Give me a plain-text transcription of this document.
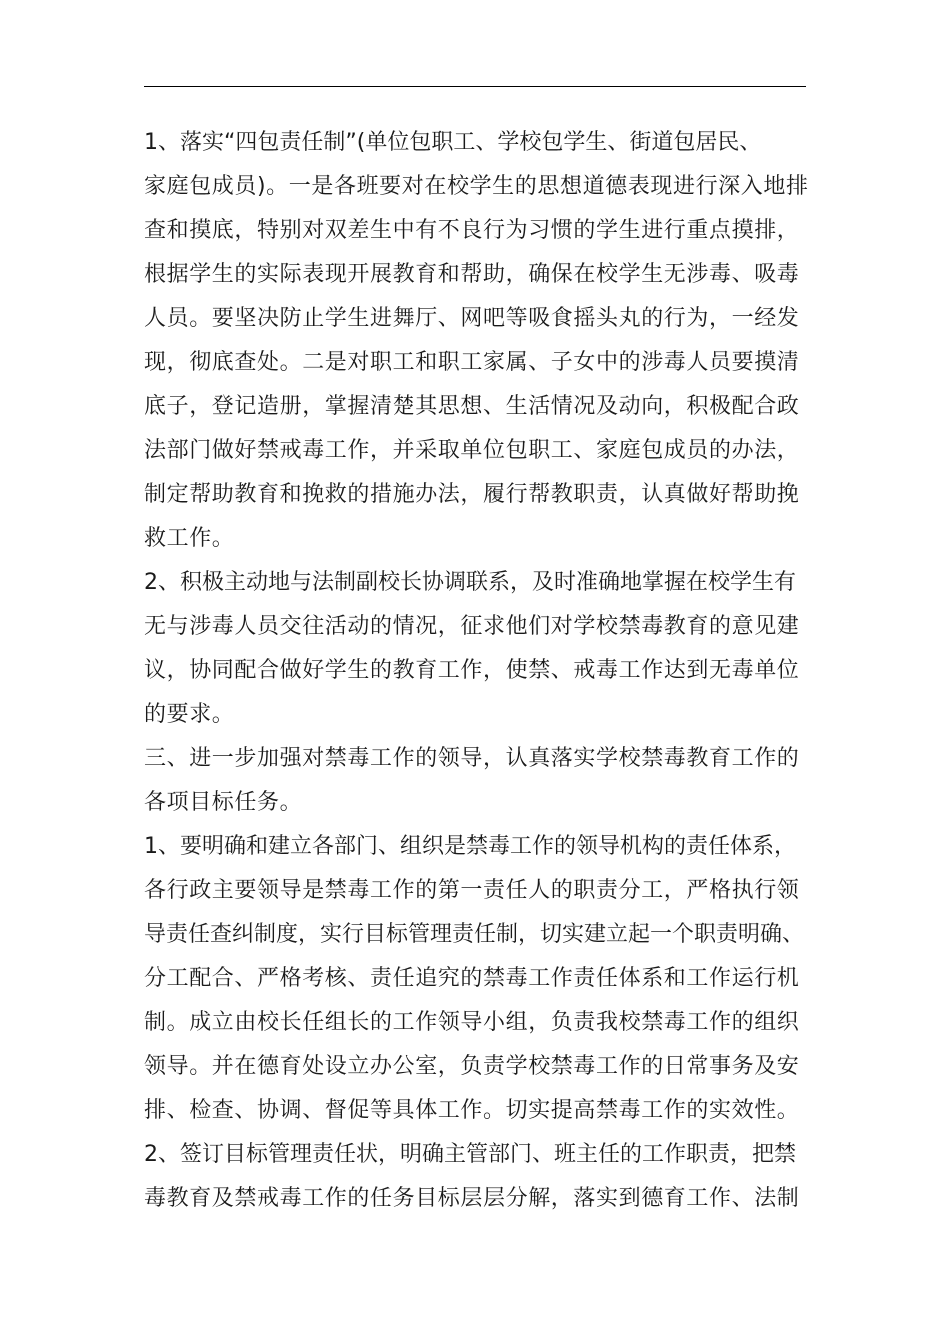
1、落实“四包责任制”(单位包职工、学校包学生、街道包居民、
家庭包成员)。一是各班要对在校学生的思想道德表现进行深入地排
查和摸底，特别对双差生中有不良行为习惯的学生进行重点摸排，
根据学生的实际表现开展教育和帮助，确保在校学生无涉毒、吸毒
人员。要坚决防止学生进舞厅、网吧等吸食摇头丸的行为，一经发
现，彻底查处。二是对职工和职工家属、子女中的涉毒人员要摸清
底子，登记造册，掌握清楚其思想、生活情况及动向，积极配合政
法部门做好禁戒毒工作，并采取单位包职工、家庭包成员的办法，
制定帮助教育和挽救的措施办法，履行帮教职责，认真做好帮助挽
救工作。
2、积极主动地与法制副校长协调联系，及时准确地掌握在校学生有
无与涉毒人员交往活动的情况，征求他们对学校禁毒教育的意见建
议，协同配合做好学生的教育工作，使禁、戒毒工作达到无毒单位
的要求。
三、进一步加强对禁毒工作的领导，认真落实学校禁毒教育工作的
各项目标任务。
1、要明确和建立各部门、组织是禁毒工作的领导机构的责任体系，
各行政主要领导是禁毒工作的第一责任人的职责分工，严格执行领
导责任查纠制度，实行目标管理责任制，切实建立起一个职责明确、
分工配合、严格考核、责任追究的禁毒工作责任体系和工作运行机
制。成立由校长任组长的工作领导小组，负责我校禁毒工作的组织
领导。并在德育处设立办公室，负责学校禁毒工作的日常事务及安
排、检查、协调、督促等具体工作。切实提高禁毒工作的实效性。
2、签订目标管理责任状，明确主管部门、班主任的工作职责，把禁
毒教育及禁戒毒工作的任务目标层层分解，落实到德育工作、法制
